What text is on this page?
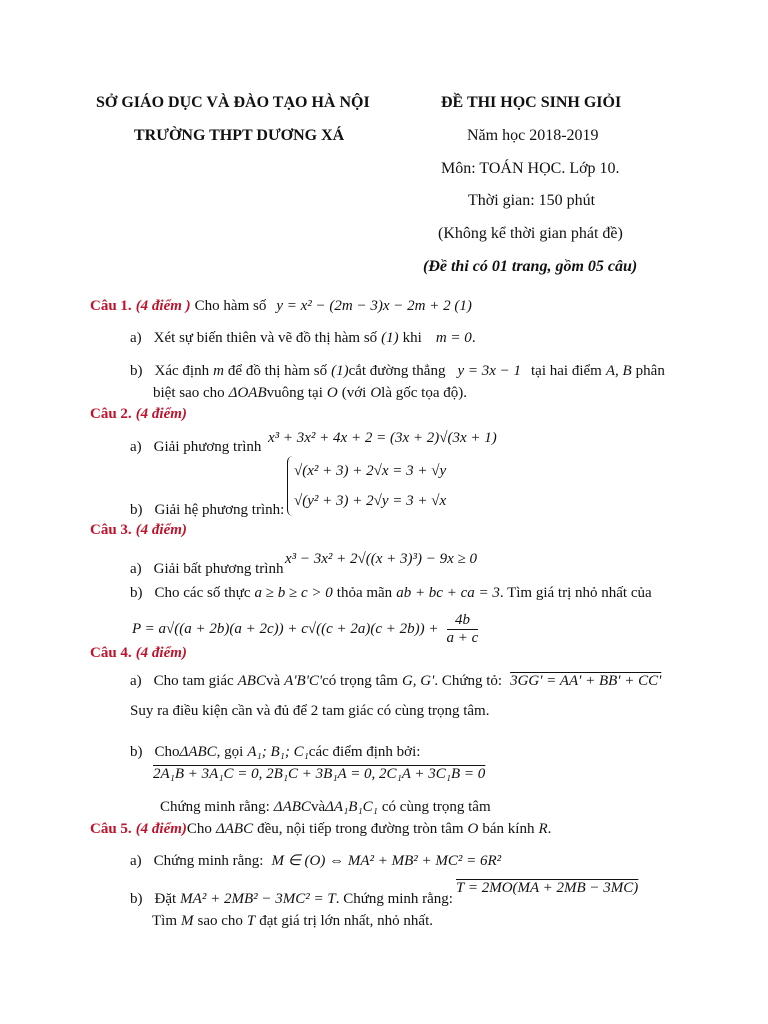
SỞ GIÁO DỤC VÀ ĐÀO TẠO HÀ NỘI
TRƯỜNG THPT DƯƠNG XÁ
ĐỀ THI HỌC SINH GIỎI
Năm học 2018-2019
Môn: TOÁN HỌC. Lớp 10.
Thời gian: 150 phút
(Không kể thời gian phát đề)
(Đề thi có 01 trang, gồm 05 câu)
Câu 1. (4 điểm ) Cho hàm số y = x² − (2m − 3)x − 2m + 2 (1)
a) Xét sự biến thiên và vẽ đồ thị hàm số (1) khi m = 0.
b) Xác định m để đồ thị hàm số (1)cắt đường thẳng y = 3x − 1 tại hai điểm A, B phân
biệt sao cho ΔOABvuông tại O (với Olà gốc tọa độ).
Câu 2. (4 điểm)
a) Giải phương trình
x³ + 3x² + 4x + 2 = (3x + 2)√(3x + 1)
b) Giải hệ phương trình:
√(x² + 3) + 2√x = 3 + √y
√(y² + 3) + 2√y = 3 + √x
Câu 3. (4 điểm)
a) Giải bất phương trình
x³ − 3x² + 2√((x + 3)³) − 9x ≥ 0
b) Cho các số thực a ≥ b ≥ c > 0 thỏa mãn ab + bc + ca = 3. Tìm giá trị nhỏ nhất của
$P = a√((a + 2b)(a + 2c)) + c√((c + 2a)(c + 2b)) + \frac{4b}{a + c}$
Câu 4. (4 điểm)
a) Cho tam giác ABCvà A'B'C'có trọng tâm G, G'. Chứng tỏ: 3GG' = AA' + BB' + CC'
Suy ra điều kiện cần và đủ để 2 tam giác có cùng trọng tâm.
b) ChoΔABC, gọi A₁; B₁; C₁các điểm định bởi:
2A₁B + 3A₁C = 0, 2B₁C + 3B₁A = 0, 2C₁A + 3C₁B = 0
Chứng minh rằng: ΔABCvàΔA₁B₁C₁ có cùng trọng tâm
Câu 5. (4 điểm)Cho ΔABC đều, nội tiếp trong đường tròn tâm O bán kính R.
a) Chứng minh rằng: M ∈ (O) ⇔ MA² + MB² + MC² = 6R²
b) Đặt MA² + 2MB² − 3MC² = T. Chứng minh rằng:
T = 2MO(MA + 2MB − 3MC)
Tìm M sao cho T đạt giá trị lớn nhất, nhỏ nhất.
